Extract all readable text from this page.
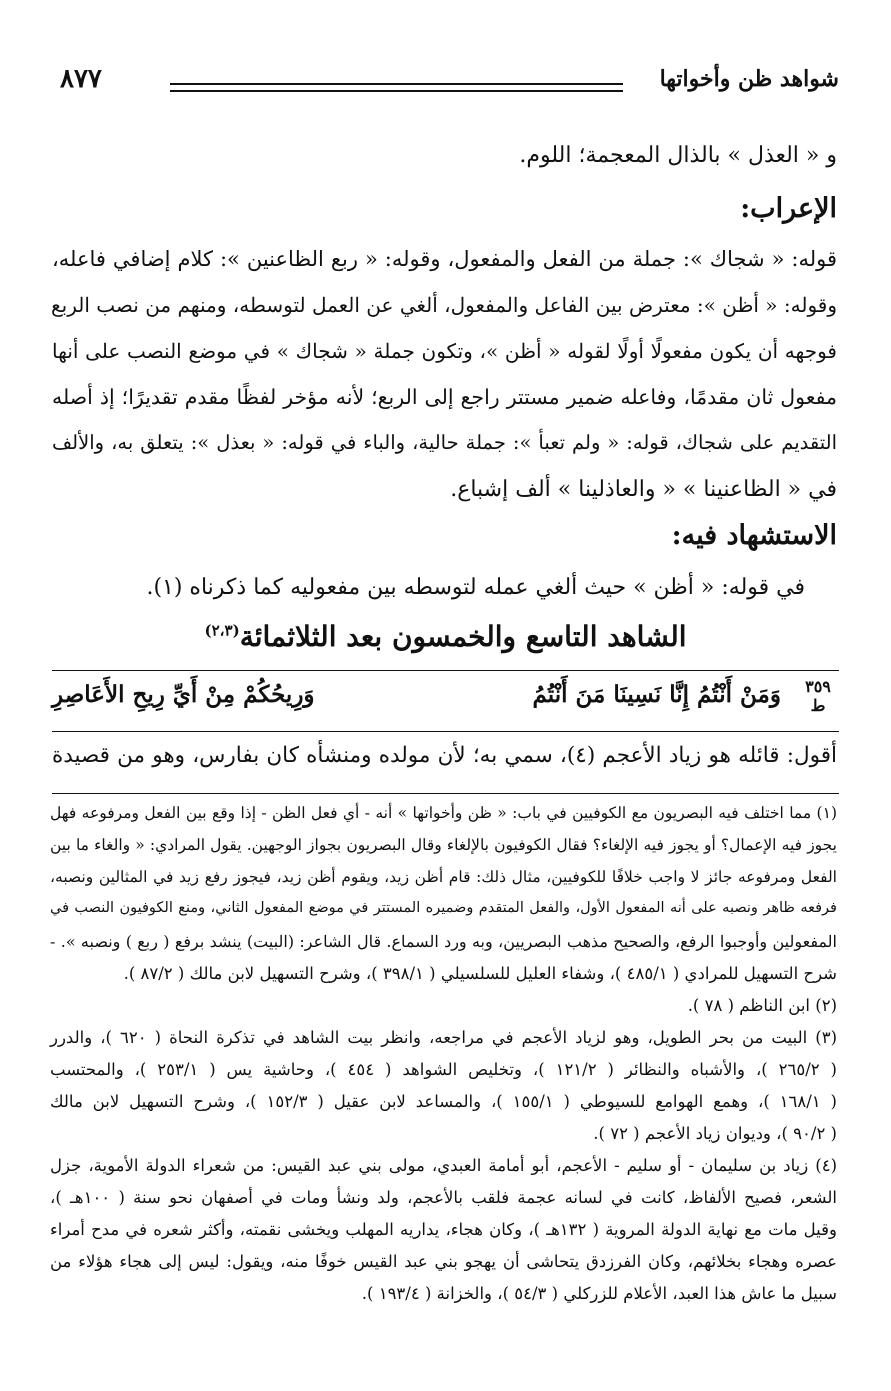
شواهد ظن وأخواتها
٨٧٧
و « العذل » بالذال المعجمة؛ اللوم.
الإعراب:
قوله: « شجاك »: جملة من الفعل والمفعول، وقوله: « ربع الظاعنين »: كلام إضافي فاعله،
وقوله: « أظن »: معترض بين الفاعل والمفعول، ألغي عن العمل لتوسطه، ومنهم من نصب الربع
فوجهه أن يكون مفعولًا أولًا لقوله « أظن »، وتكون جملة « شجاك » في موضع النصب على أنها
مفعول ثان مقدمًا، وفاعله ضمير مستتر راجع إلى الربع؛ لأنه مؤخر لفظًا مقدم تقديرًا؛ إذ أصله
التقديم على شجاك، قوله: « ولم تعبأ »: جملة حالية، والباء في قوله: « بعذل »: يتعلق به، والألف
في « الظاعنينا » « والعاذلينا » ألف إشباع.
الاستشهاد فيه:
في قوله: « أظن » حيث ألغي عمله لتوسطه بين مفعوليه كما ذكرناه (١).
الشاهد التاسع والخمسون بعد الثلاثمائة$^{(٢،٣)}$
٣٥٩
ط
وَمَنْ أَنْتُمُ إِنَّا نَسِينَا مَنَ أَنْتُمُ
وَرِيحُكُمْ مِنْ أَيِّ رِيحِ الأَعَاصِرِ
أقول: قائله هو زياد الأعجم (٤)، سمي به؛ لأن مولده ومنشأه كان بفارس، وهو من قصيدة
(١) مما اختلف فيه البصريون مع الكوفيين في باب: « ظن وأخواتها » أنه - أي فعل الظن - إذا وقع بين الفعل ومرفوعه فهل
يجوز فيه الإعمال؟ أو يجوز فيه الإلغاء؟ فقال الكوفيون بالإلغاء وقال البصريون بجواز الوجهين. يقول المرادي: « والغاء ما بين
الفعل ومرفوعه جائز لا واجب خلافًا للكوفيين، مثال ذلك: قام أظن زيد، ويقوم أظن زيد، فيجوز رفع زيد في المثالين ونصبه،
فرفعه ظاهر ونصبه على أنه المفعول الأول، والفعل المتقدم وضميره المستتر في موضع المفعول الثاني، ومنع الكوفيون النصب في
المفعولين وأوجبوا الرفع، والصحيح مذهب البصريين، وبه ورد السماع. قال الشاعر: (البيت) ينشد برفع ( ربع ) ونصبه ». -
شرح التسهيل للمرادي ( ٤٨٥/١ )، وشفاء العليل للسلسيلي ( ٣٩٨/١ )، وشرح التسهيل لابن مالك ( ٨٧/٢ ).
(٢) ابن الناظم ( ٧٨ ).
(٣) البيت من بحر الطويل، وهو لزياد الأعجم في مراجعه، وانظر بيت الشاهد في تذكرة النحاة ( ٦٢٠ )، والدرر
( ٢٦٥/٢ )، والأشباه والنظائر ( ١٢١/٢ )، وتخليص الشواهد ( ٤٥٤ )، وحاشية يس ( ٢٥٣/١ )، والمحتسب
( ١٦٨/١ )، وهمع الهوامع للسيوطي ( ١٥٥/١ )، والمساعد لابن عقيل ( ١٥٢/٣ )، وشرح التسهيل لابن مالك
( ٩٠/٢ )، وديوان زياد الأعجم ( ٧٢ ).
(٤) زياد بن سليمان - أو سليم - الأعجم، أبو أمامة العبدي، مولى بني عبد القيس: من شعراء الدولة الأموية، جزل
الشعر، فصيح الألفاظ، كانت في لسانه عجمة فلقب بالأعجم، ولد ونشأ ومات في أصفهان نحو سنة ( ١٠٠هـ )،
وقيل مات مع نهاية الدولة المروية ( ١٣٢هـ )، وكان هجاء، يداريه المهلب ويخشى نقمته، وأكثر شعره في مدح أمراء
عصره وهجاء بخلائهم، وكان الفرزدق يتحاشى أن يهجو بني عبد القيس خوفًا منه، ويقول: ليس إلى هجاء هؤلاء من
سبيل ما عاش هذا العبد، الأعلام للزركلي ( ٥٤/٣ )، والخزانة ( ١٩٣/٤ ).
